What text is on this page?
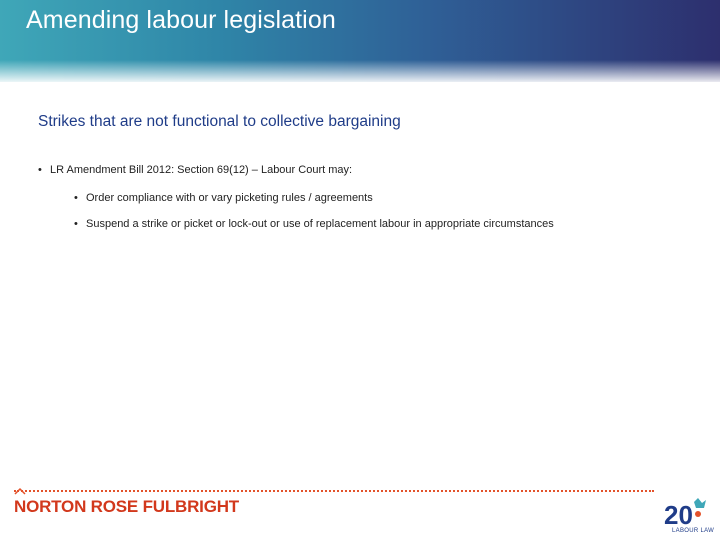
Amending labour legislation
Strikes that are not functional to collective bargaining
• LR Amendment Bill 2012: Section 69(12) – Labour Court may:
• Order compliance with or vary picketing rules / agreements
• Suspend a strike or picket or lock-out or use of replacement labour in appropriate circumstances
NORTON ROSE FULBRIGHT	20
LABOUR LAW
